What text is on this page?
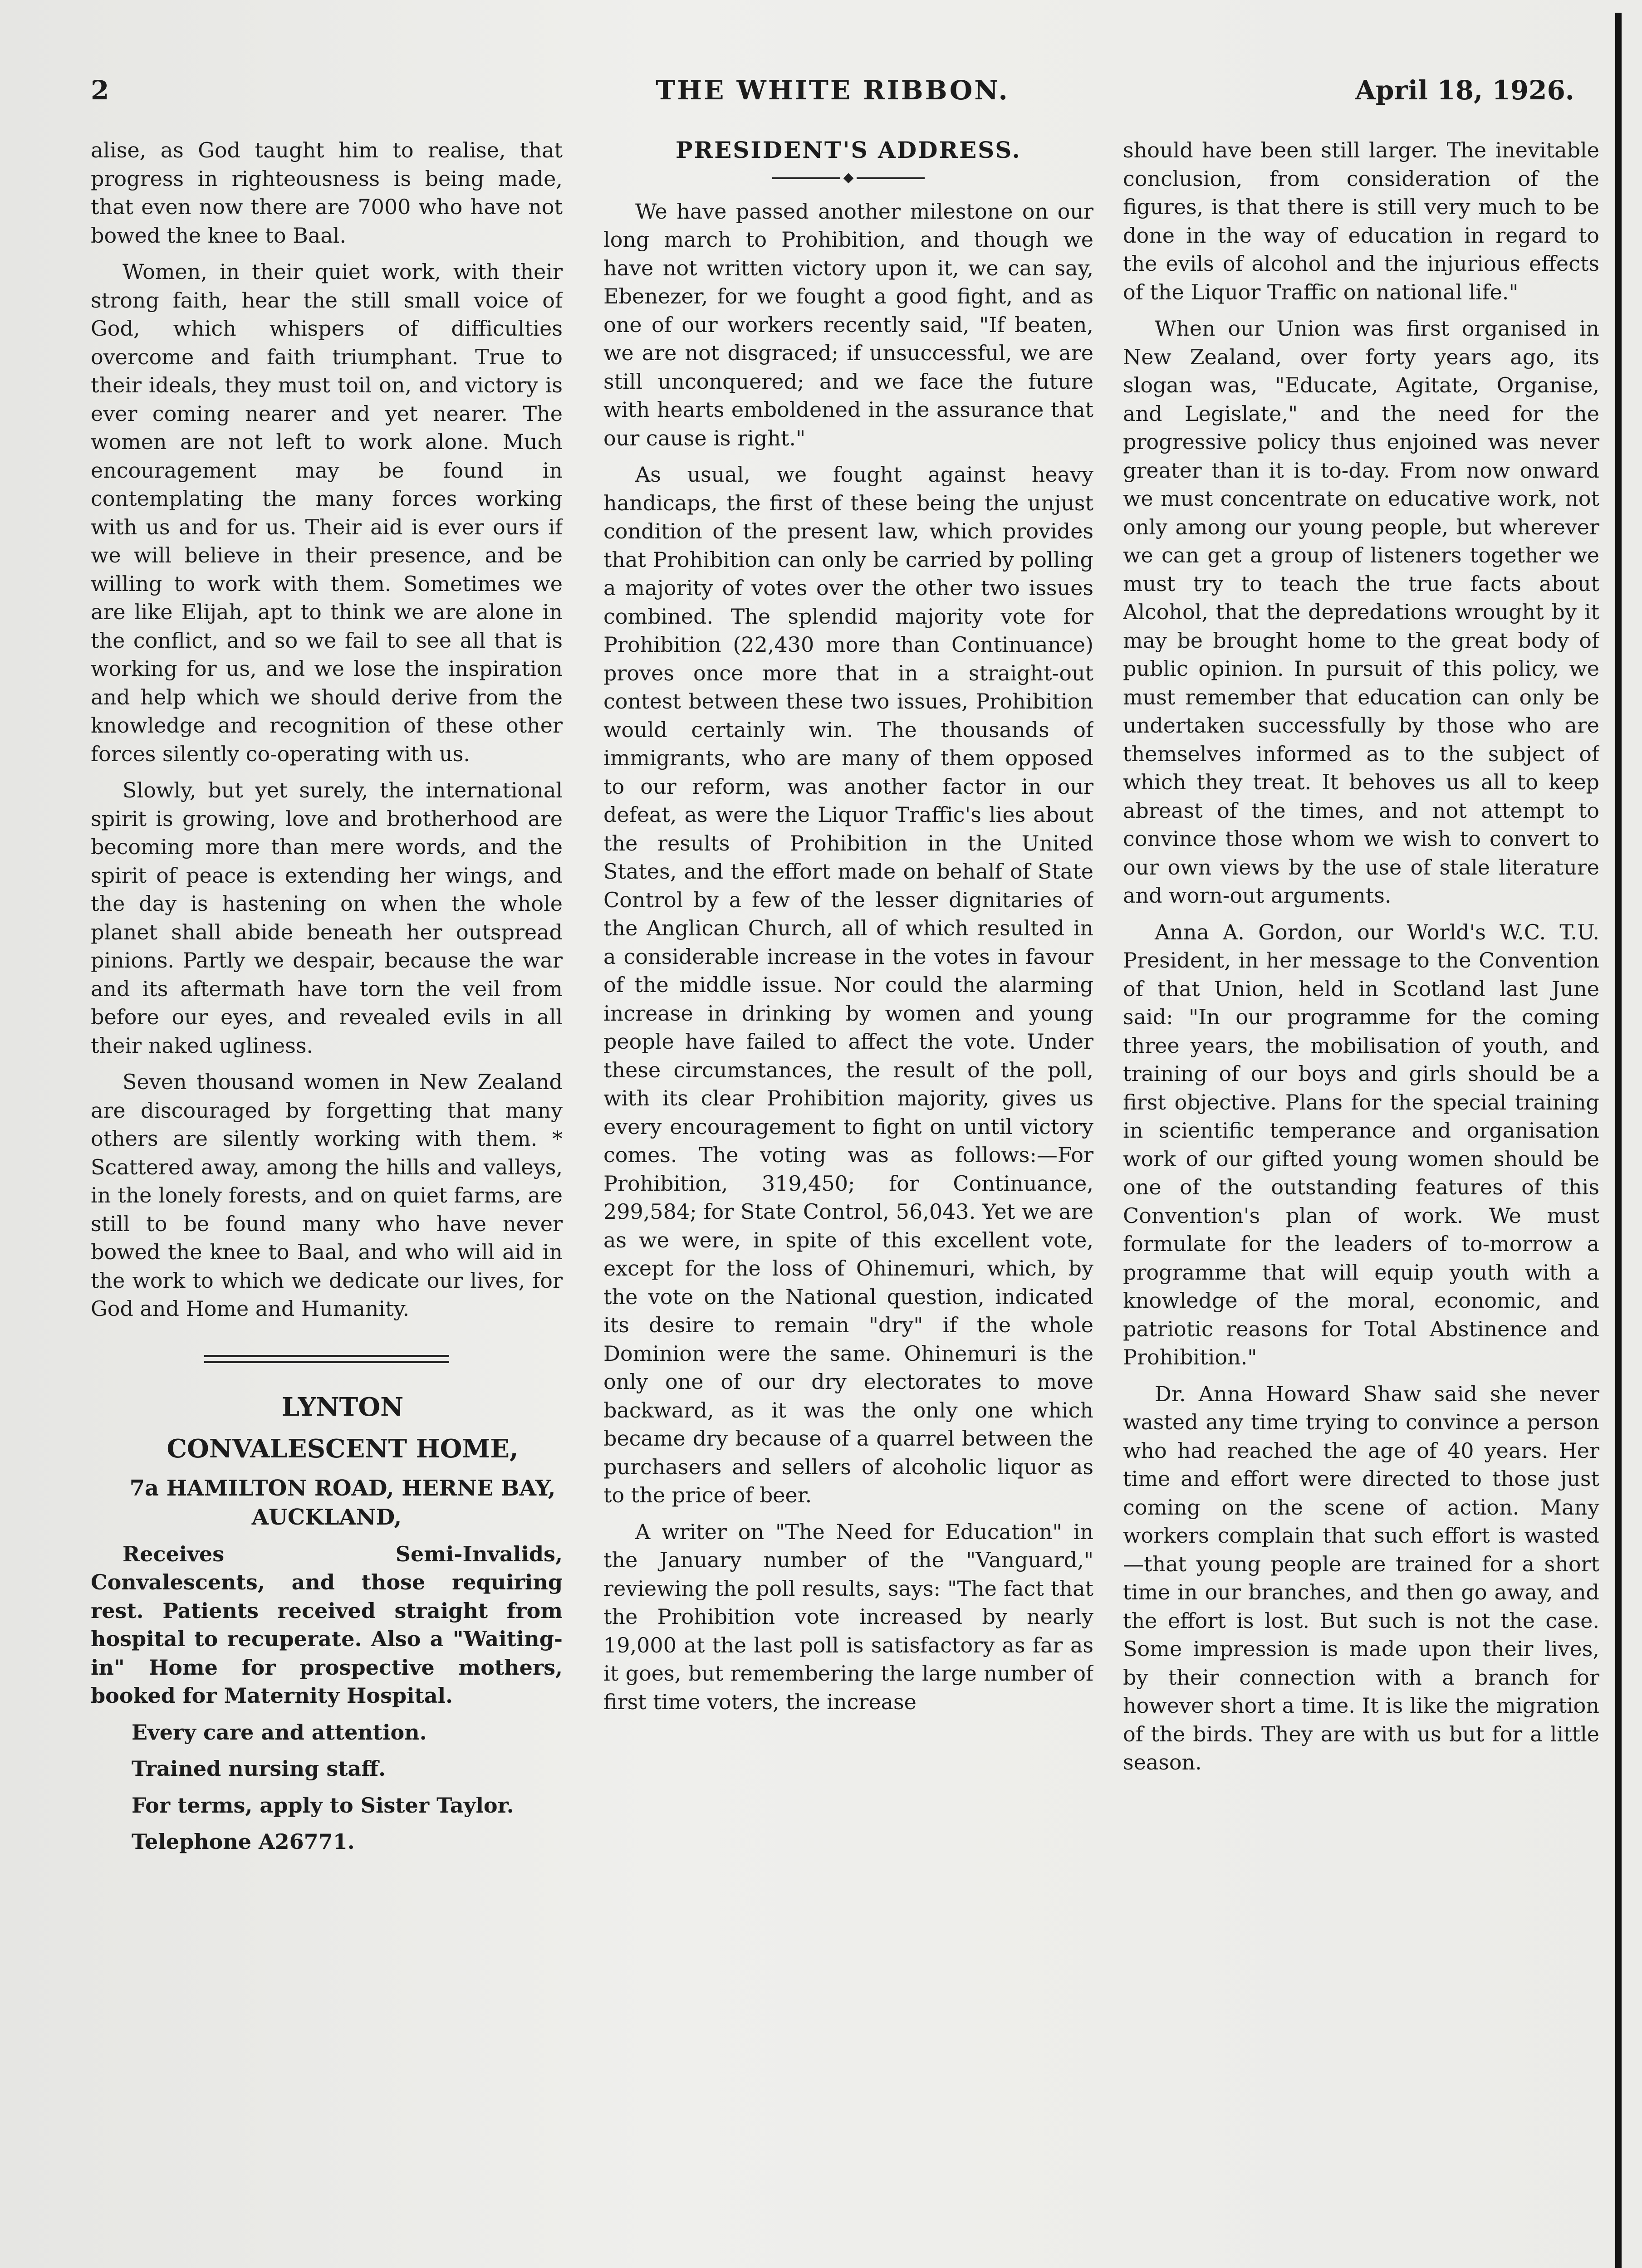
2	THE WHITE RIBBON.	April 18, 1926.

alise, as God taught him to realise, that progress in righteousness is being made, that even now there are 7000 who have not bowed the knee to Baal.

Women, in their quiet work, with their strong faith, hear the still small voice of God, which whispers of difficulties overcome and faith triumphant. True to their ideals, they must toil on, and victory is ever coming nearer and yet nearer. The women are not left to work alone. Much encouragement may be found in contemplating the many forces working with us and for us. Their aid is ever ours if we will believe in their presence, and be willing to work with them. Sometimes we are like Elijah, apt to think we are alone in the conflict, and so we fail to see all that is working for us, and we lose the inspiration and help which we should derive from the knowledge and recognition of these other forces silently co-operating with us.

Slowly, but yet surely, the international spirit is growing, love and brotherhood are becoming more than mere words, and the spirit of peace is extending her wings, and the day is hastening on when the whole planet shall abide beneath her outspread pinions. Partly we despair, because the war and its aftermath have torn the veil from before our eyes, and revealed evils in all their naked ugliness.

Seven thousand women in New Zealand are discouraged by forgetting that many others are silently working with them. * Scattered away, among the hills and valleys, in the lonely forests, and on quiet farms, are still to be found many who have never bowed the knee to Baal, and who will aid in the work to which we dedicate our lives, for God and Home and Humanity.

LYNTON

CONVALESCENT HOME,

7a HAMILTON ROAD, HERNE BAY,
AUCKLAND,

Receives Semi-Invalids, Convalescents, and those requiring rest. Patients received straight from hospital to recuperate. Also a "Waiting-in" Home for prospective mothers, booked for Maternity Hospital.

Every care and attention.

Trained nursing staff.

For terms, apply to Sister Taylor.

Telephone A26771.

PRESIDENT'S ADDRESS.

We have passed another milestone on our long march to Prohibition, and though we have not written victory upon it, we can say, Ebenezer, for we fought a good fight, and as one of our workers recently said, "If beaten, we are not disgraced; if unsuccessful, we are still unconquered; and we face the future with hearts emboldened in the assurance that our cause is right."

As usual, we fought against heavy handicaps, the first of these being the unjust condition of the present law, which provides that Prohibition can only be carried by polling a majority of votes over the other two issues combined. The splendid majority vote for Prohibition (22,430 more than Continuance) proves once more that in a straight-out contest between these two issues, Prohibition would certainly win. The thousands of immigrants, who are many of them opposed to our reform, was another factor in our defeat, as were the Liquor Traffic's lies about the results of Prohibition in the United States, and the effort made on behalf of State Control by a few of the lesser dignitaries of the Anglican Church, all of which resulted in a considerable increase in the votes in favour of the middle issue. Nor could the alarming increase in drinking by women and young people have failed to affect the vote. Under these circumstances, the result of the poll, with its clear Prohibition majority, gives us every encouragement to fight on until victory comes. The voting was as follows:—For Prohibition, 319,450; for Continuance, 299,584; for State Control, 56,043. Yet we are as we were, in spite of this excellent vote, except for the loss of Ohinemuri, which, by the vote on the National question, indicated its desire to remain "dry" if the whole Dominion were the same. Ohinemuri is the only one of our dry electorates to move backward, as it was the only one which became dry because of a quarrel between the purchasers and sellers of alcoholic liquor as to the price of beer.

A writer on "The Need for Education" in the January number of the "Vanguard," reviewing the poll results, says: "The fact that the Prohibition vote increased by nearly 19,000 at the last poll is satisfactory as far as it goes, but remembering the large number of first time voters, the increase

should have been still larger. The inevitable conclusion, from consideration of the figures, is that there is still very much to be done in the way of education in regard to the evils of alcohol and the injurious effects of the Liquor Traffic on national life."

When our Union was first organised in New Zealand, over forty years ago, its slogan was, "Educate, Agitate, Organise, and Legislate," and the need for the progressive policy thus enjoined was never greater than it is to-day. From now onward we must concentrate on educative work, not only among our young people, but wherever we can get a group of listeners together we must try to teach the true facts about Alcohol, that the depredations wrought by it may be brought home to the great body of public opinion. In pursuit of this policy, we must remember that education can only be undertaken successfully by those who are themselves informed as to the subject of which they treat. It behoves us all to keep abreast of the times, and not attempt to convince those whom we wish to convert to our own views by the use of stale literature and worn-out arguments.

Anna A. Gordon, our World's W.C. T.U. President, in her message to the Convention of that Union, held in Scotland last June said: "In our programme for the coming three years, the mobilisation of youth, and training of our boys and girls should be a first objective. Plans for the special training in scientific temperance and organisation work of our gifted young women should be one of the outstanding features of this Convention's plan of work. We must formulate for the leaders of to-morrow a programme that will equip youth with a knowledge of the moral, economic, and patriotic reasons for Total Abstinence and Prohibition."

Dr. Anna Howard Shaw said she never wasted any time trying to convince a person who had reached the age of 40 years. Her time and effort were directed to those just coming on the scene of action. Many workers complain that such effort is wasted—that young people are trained for a short time in our branches, and then go away, and the effort is lost. But such is not the case. Some impression is made upon their lives, by their connection with a branch for however short a time. It is like the migration of the birds. They are with us but for a little season.
